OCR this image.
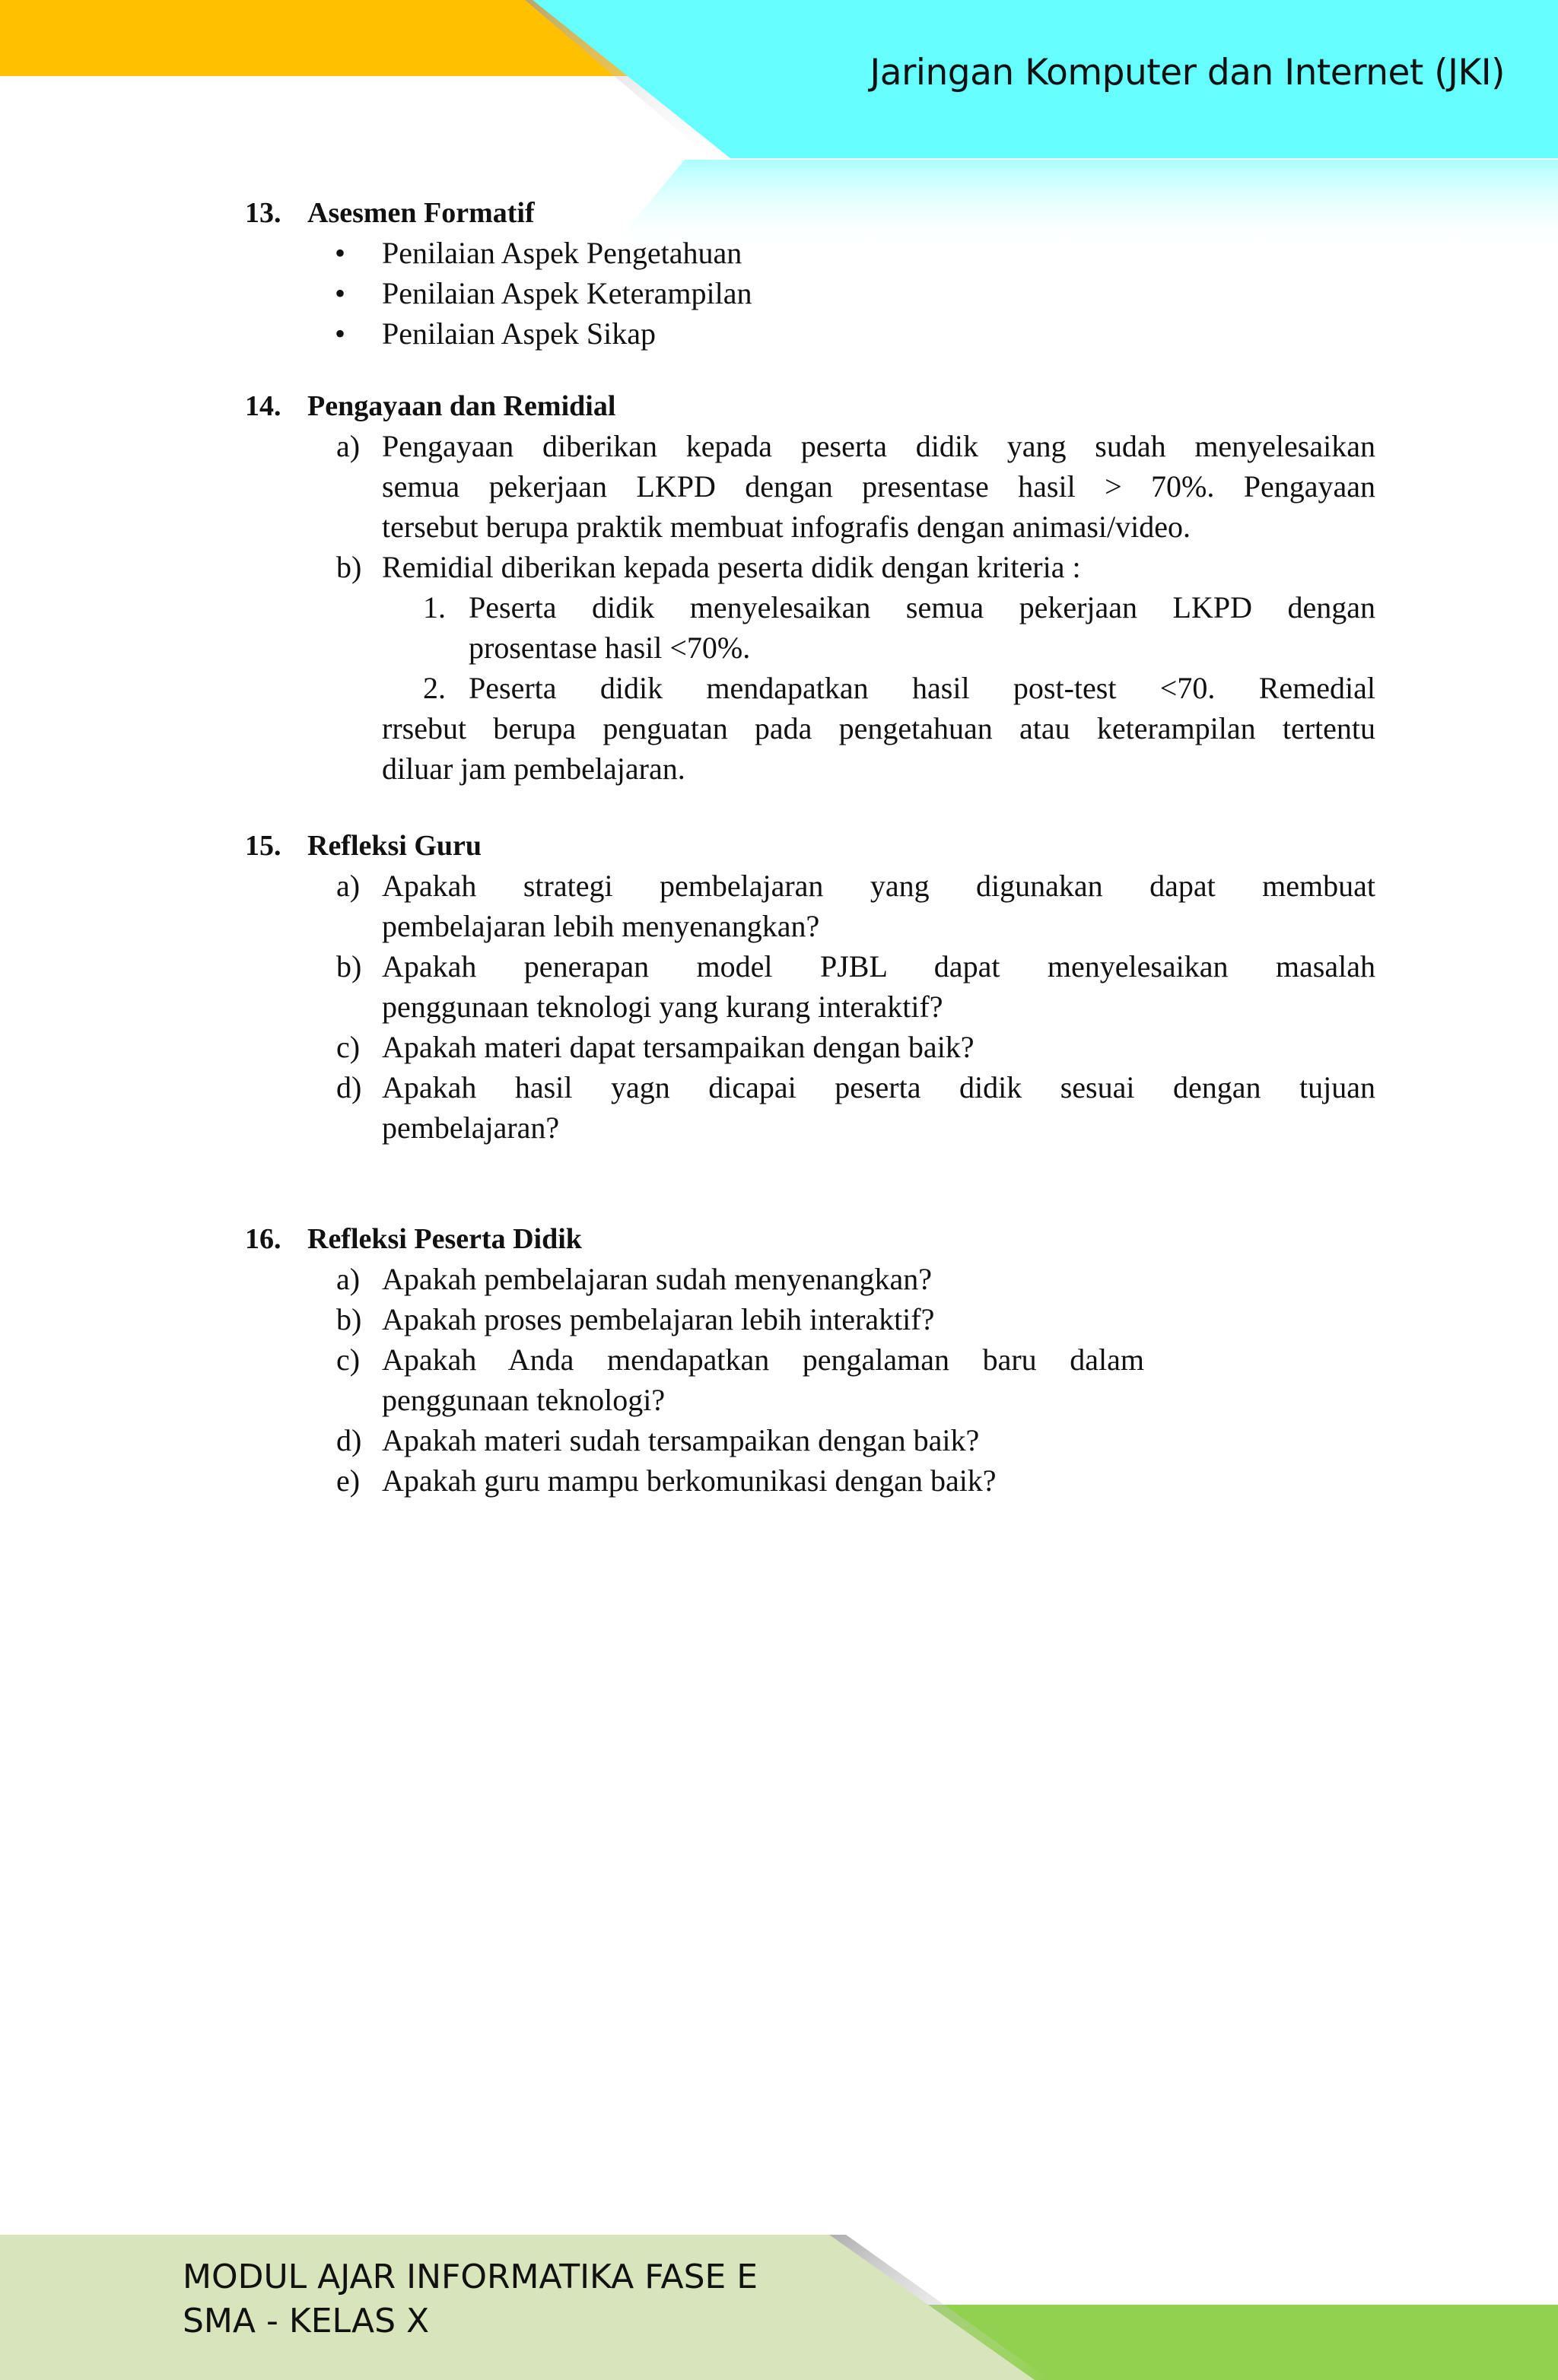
Jaringan Komputer dan Internet (JKI)
13. Asesmen Formatif
• Penilaian Aspek Pengetahuan
• Penilaian Aspek Keterampilan
• Penilaian Aspek Sikap
14. Pengayaan dan Remidial
a) Pengayaan diberikan kepada peserta didik yang sudah menyelesaikan
semua pekerjaan LKPD dengan presentase hasil > 70%. Pengayaan
tersebut berupa praktik membuat infografis dengan animasi/video.
b) Remidial diberikan kepada peserta didik dengan kriteria :
1. Peserta didik menyelesaikan semua pekerjaan LKPD dengan
prosentase hasil <70%.
2. Peserta didik mendapatkan hasil post-test <70. Remedial
rrsebut berupa penguatan pada pengetahuan atau keterampilan tertentu
diluar jam pembelajaran.
15. Refleksi Guru
a) Apakah strategi pembelajaran yang digunakan dapat membuat
pembelajaran lebih menyenangkan?
b) Apakah penerapan model PJBL dapat menyelesaikan masalah
penggunaan teknologi yang kurang interaktif?
c) Apakah materi dapat tersampaikan dengan baik?
d) Apakah hasil yagn dicapai peserta didik sesuai dengan tujuan
pembelajaran?
16. Refleksi Peserta Didik
a) Apakah pembelajaran sudah menyenangkan?
b) Apakah proses pembelajaran lebih interaktif?
c) Apakah Anda mendapatkan pengalaman baru dalam
penggunaan teknologi?
d) Apakah materi sudah tersampaikan dengan baik?
e) Apakah guru mampu berkomunikasi dengan baik?
MODUL AJAR INFORMATIKA FASE E
SMA - KELAS X
